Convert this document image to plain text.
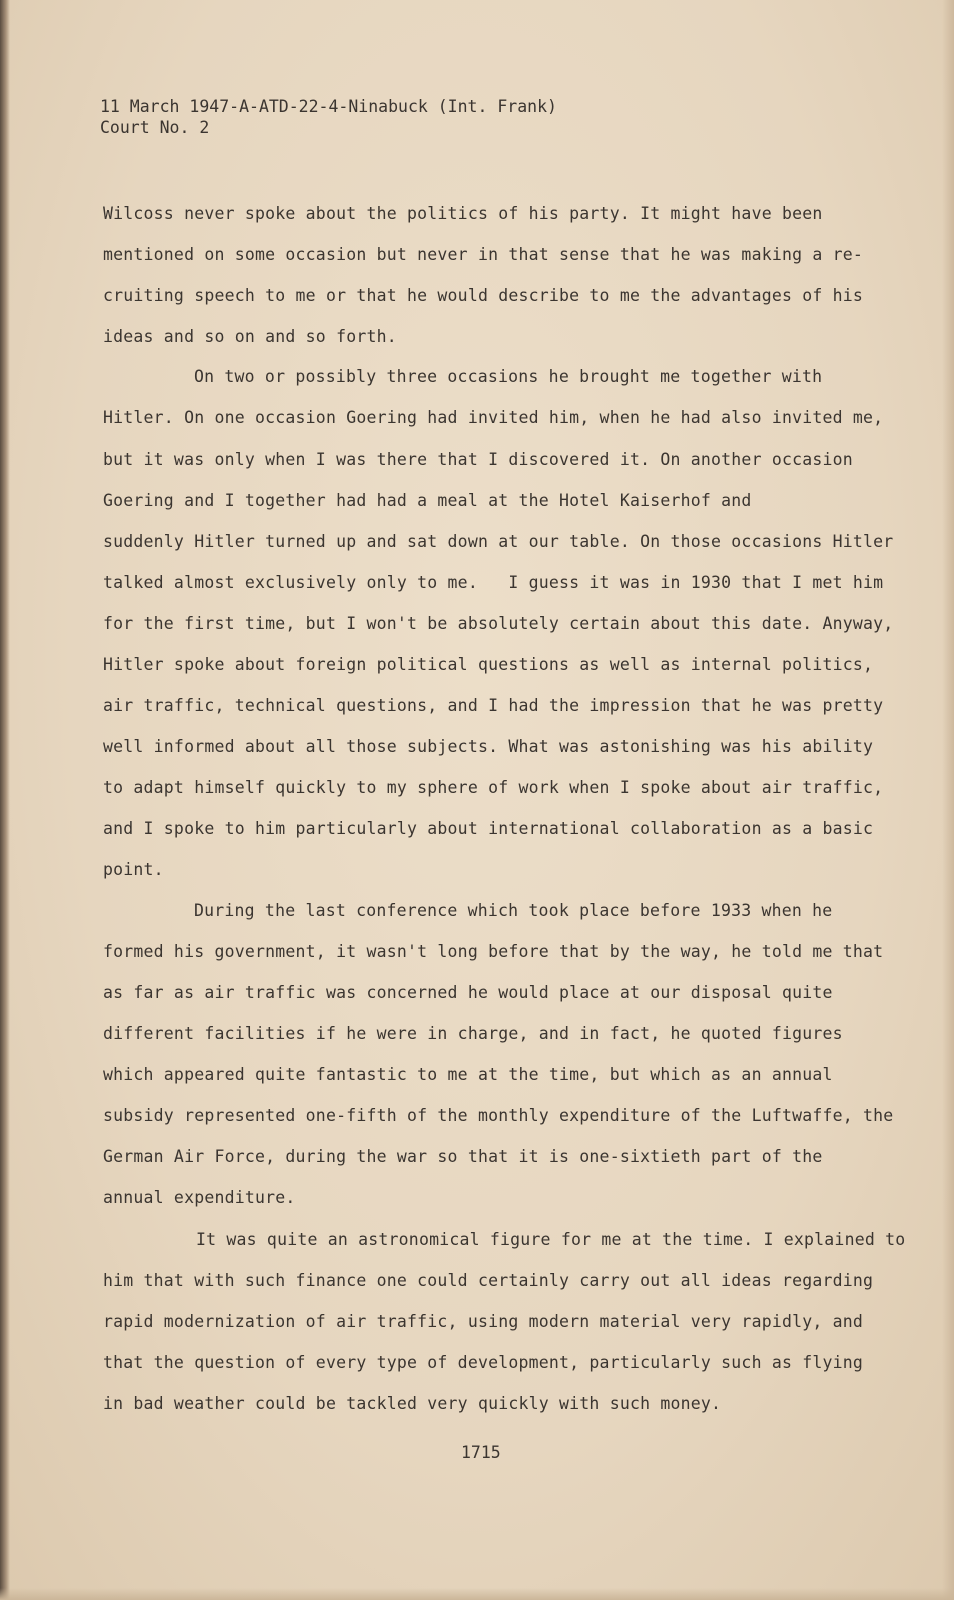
11 March 1947-A-ATD-22-4-Ninabuck (Int. Frank)
Court No. 2
Wilcoss never spoke about the politics of his party. It might have been
mentioned on some occasion but never in that sense that he was making a re-
cruiting speech to me or that he would describe to me the advantages of his
ideas and so on and so forth.
On two or possibly three occasions he brought me together with
Hitler. On one occasion Goering had invited him, when he had also invited me,
but it was only when I was there that I discovered it. On another occasion
Goering and I together had had a meal at the Hotel Kaiserhof and
suddenly Hitler turned up and sat down at our table. On those occasions Hitler
talked almost exclusively only to me.   I guess it was in 1930 that I met him
for the first time, but I won't be absolutely certain about this date. Anyway,
Hitler spoke about foreign political questions as well as internal politics,
air traffic, technical questions, and I had the impression that he was pretty
well informed about all those subjects. What was astonishing was his ability
to adapt himself quickly to my sphere of work when I spoke about air traffic,
and I spoke to him particularly about international collaboration as a basic
point.
During the last conference which took place before 1933 when he
formed his government, it wasn't long before that by the way, he told me that
as far as air traffic was concerned he would place at our disposal quite
different facilities if he were in charge, and in fact, he quoted figures
which appeared quite fantastic to me at the time, but which as an annual
subsidy represented one-fifth of the monthly expenditure of the Luftwaffe, the
German Air Force, during the war so that it is one-sixtieth part of the
annual expenditure.
It was quite an astronomical figure for me at the time. I explained to
him that with such finance one could certainly carry out all ideas regarding
rapid modernization of air traffic, using modern material very rapidly, and
that the question of every type of development, particularly such as flying
in bad weather could be tackled very quickly with such money.
1715
